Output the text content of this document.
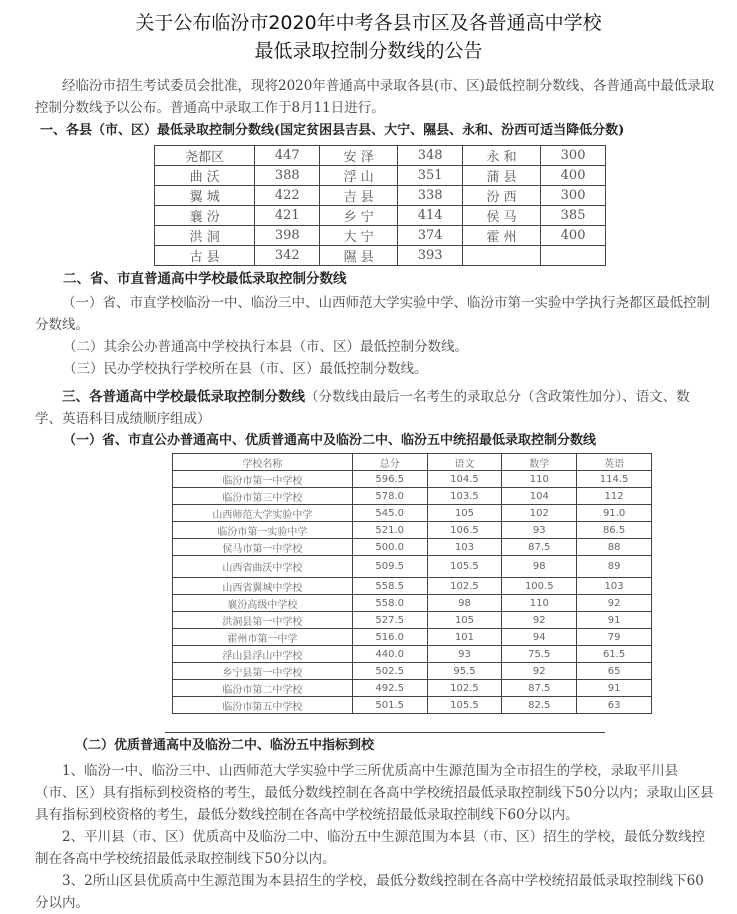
关于公布临汾市2020年中考各县市区及各普通高中学校
最低录取控制分数线的公告
经临汾市招生考试委员会批准，现将2020年普通高中录取各县(市、区)最低控制分数线、各普通高中最低录取控制分数线予以公布。普通高中录取工作于8月11日进行。
一、各县（市、区）最低录取控制分数线(国定贫困县吉县、大宁、隰县、永和、汾西可适当降低分数)
尧都区	447	安 泽	348	永 和	300
曲 沃	388	浮 山	351	蒲 县	400
翼 城	422	吉 县	338	汾 西	300
襄 汾	421	乡 宁	414	侯 马	385
洪 洞	398	大 宁	374	霍 州	400
古 县	342	隰 县	393		
二、省、市直普通高中学校最低录取控制分数线
（一）省、市直学校临汾一中、临汾三中、山西师范大学实验中学、临汾市第一实验中学执行尧都区最低控制分数线。
（二）其余公办普通高中学校执行本县（市、区）最低控制分数线。
（三）民办学校执行学校所在县（市、区）最低控制分数线。
三、各普通高中学校最低录取控制分数线（分数线由最后一名考生的录取总分（含政策性加分）、语文、数学、英语科目成绩顺序组成）
（一）省、市直公办普通高中、优质普通高中及临汾二中、临汾五中统招最低录取控制分数线
学校名称	总分	语文	数学	英语
临汾市第一中学校	596.5	104.5	110	114.5
临汾市第三中学校	578.0	103.5	104	112
山西师范大学实验中学	545.0	105	102	91.0
临汾市第一实验中学	521.0	106.5	93	86.5
侯马市第一中学校	500.0	103	87.5	88
山西省曲沃中学校	509.5	105.5	98	89
山西省翼城中学校	558.5	102.5	100.5	103
襄汾高级中学校	558.0	98	110	92
洪洞县第一中学校	527.5	105	92	91
霍州市第一中学	516.0	101	94	79
浮山县浮山中学校	440.0	93	75.5	61.5
乡宁县第一中学校	502.5	95.5	92	65
临汾市第二中学校	492.5	102.5	87.5	91
临汾市第五中学校	501.5	105.5	82.5	63
（二）优质普通高中及临汾二中、临汾五中指标到校
1、临汾一中、临汾三中、山西师范大学实验中学三所优质高中生源范围为全市招生的学校，录取平川县（市、区）具有指标到校资格的考生，最低分数线控制在各高中学校统招最低录取控制线下50分以内；录取山区县具有指标到校资格的考生，最低分数线控制在各高中学校统招最低录取控制线下60分以内。
2、平川县（市、区）优质高中及临汾二中、临汾五中生源范围为本县（市、区）招生的学校，最低分数线控制在各高中学校统招最低录取控制线下50分以内。
3、2所山区县优质高中生源范围为本县招生的学校，最低分数线控制在各高中学校统招最低录取控制线下60分以内。
